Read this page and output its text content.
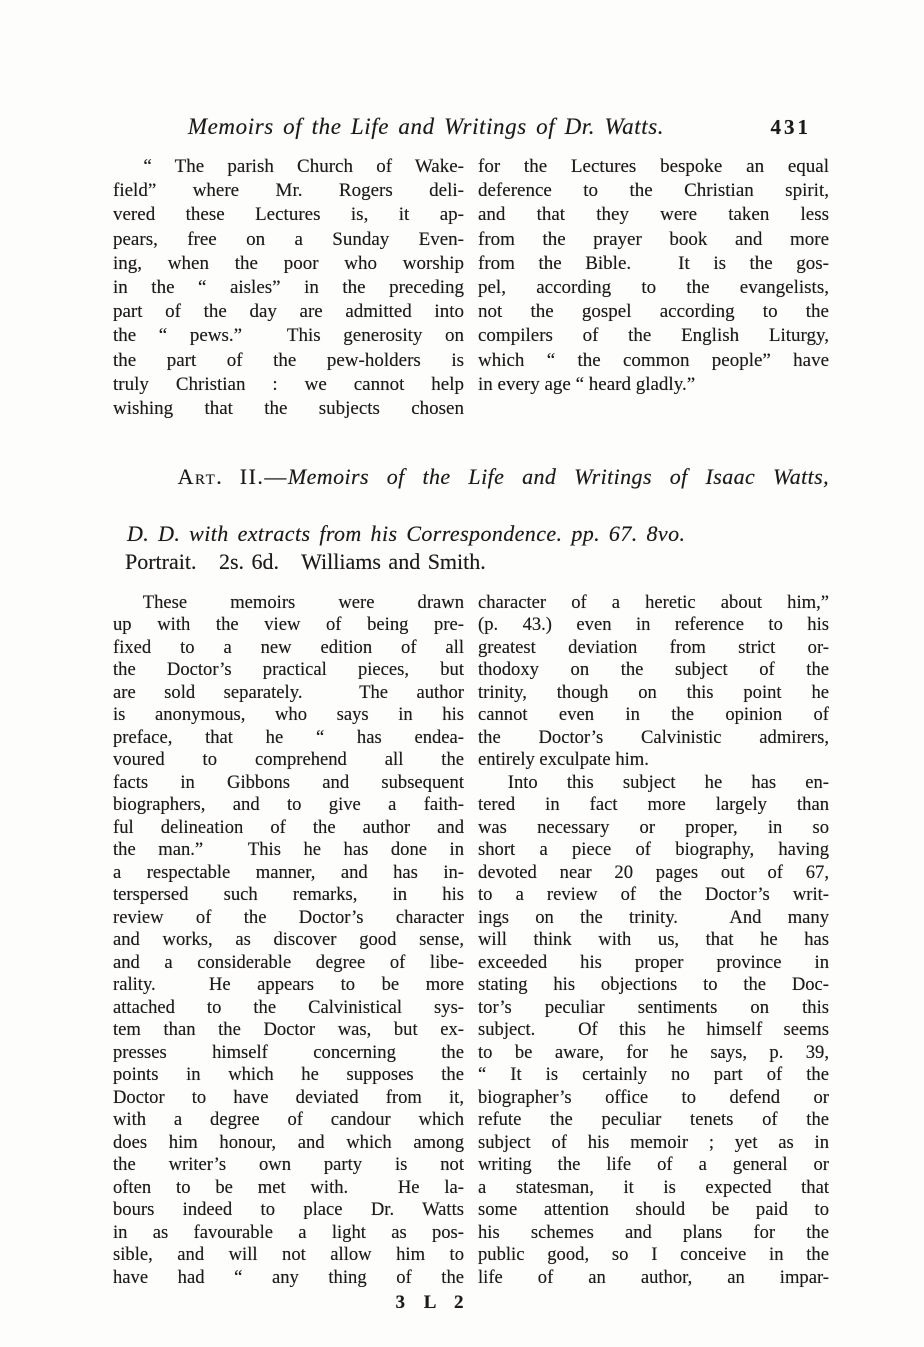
Memoirs of the Life and Writings of Dr. Watts.	431
“ The parish Church of Wake-
field” where Mr. Rogers deli-
vered these Lectures is, it ap-
pears, free on a Sunday Even-
ing, when the poor who worship
in the “ aisles” in the preceding
part of the day are admitted into
the “ pews.”  This generosity on
the part of the pew-holders is
truly Christian : we cannot help
wishing that the subjects chosen
for the Lectures bespoke an equal
deference to the Christian spirit,
and that they were taken less
from the prayer book and more
from the Bible.  It is the gos-
pel, according to the evangelists,
not the gospel according to the
compilers of the English Liturgy,
which “ the common people” have
in every age “ heard gladly.”

Art. II.—Memoirs of the Life and Writings of Isaac Watts,

D. D. with extracts from his Correspondence. pp. 67. 8vo.
Portrait.   2s. 6d.   Williams and Smith.
These memoirs were drawn
up with the view of being pre-
fixed to a new edition of all
the Doctor’s practical pieces, but
are sold separately.  The author
is anonymous, who says in his
preface, that he “ has endea-
voured to comprehend all the
facts in Gibbons and subsequent
biographers, and to give a faith-
ful delineation of the author and
the man.”  This he has done in
a respectable manner, and has in-
terspersed such remarks, in his
review of the Doctor’s character
and works, as discover good sense,
and a considerable degree of libe-
rality.  He appears to be more
attached to the Calvinistical sys-
tem than the Doctor was, but ex-
presses himself concerning the
points in which he supposes the
Doctor to have deviated from it,
with a degree of candour which
does him honour, and which among
the writer’s own party is not
often to be met with.  He la-
bours indeed to place Dr. Watts
in as favourable a light as pos-
sible, and will not allow him to
have had “ any thing of the
character of a heretic about him,”
(p. 43.) even in reference to his
greatest deviation from strict or-
thodoxy on the subject of the
trinity, though on this point he
cannot even in the opinion of
the Doctor’s Calvinistic admirers,
entirely exculpate him.
Into this subject he has en-
tered in fact more largely than
was necessary or proper, in so
short a piece of biography, having
devoted near 20 pages out of 67,
to a review of the Doctor’s writ-
ings on the trinity.  And many
will think with us, that he has
exceeded his proper province in
stating his objections to the Doc-
tor’s peculiar sentiments on this
subject.  Of this he himself seems
to be aware, for he says, p. 39,
“ It is certainly no part of the
biographer’s office to defend or
refute the peculiar tenets of the
subject of his memoir ; yet as in
writing the life of a general or
a statesman, it is expected that
some attention should be paid to
his schemes and plans for the
public good, so I conceive in the
life of an author, an impar-
3 L 2
